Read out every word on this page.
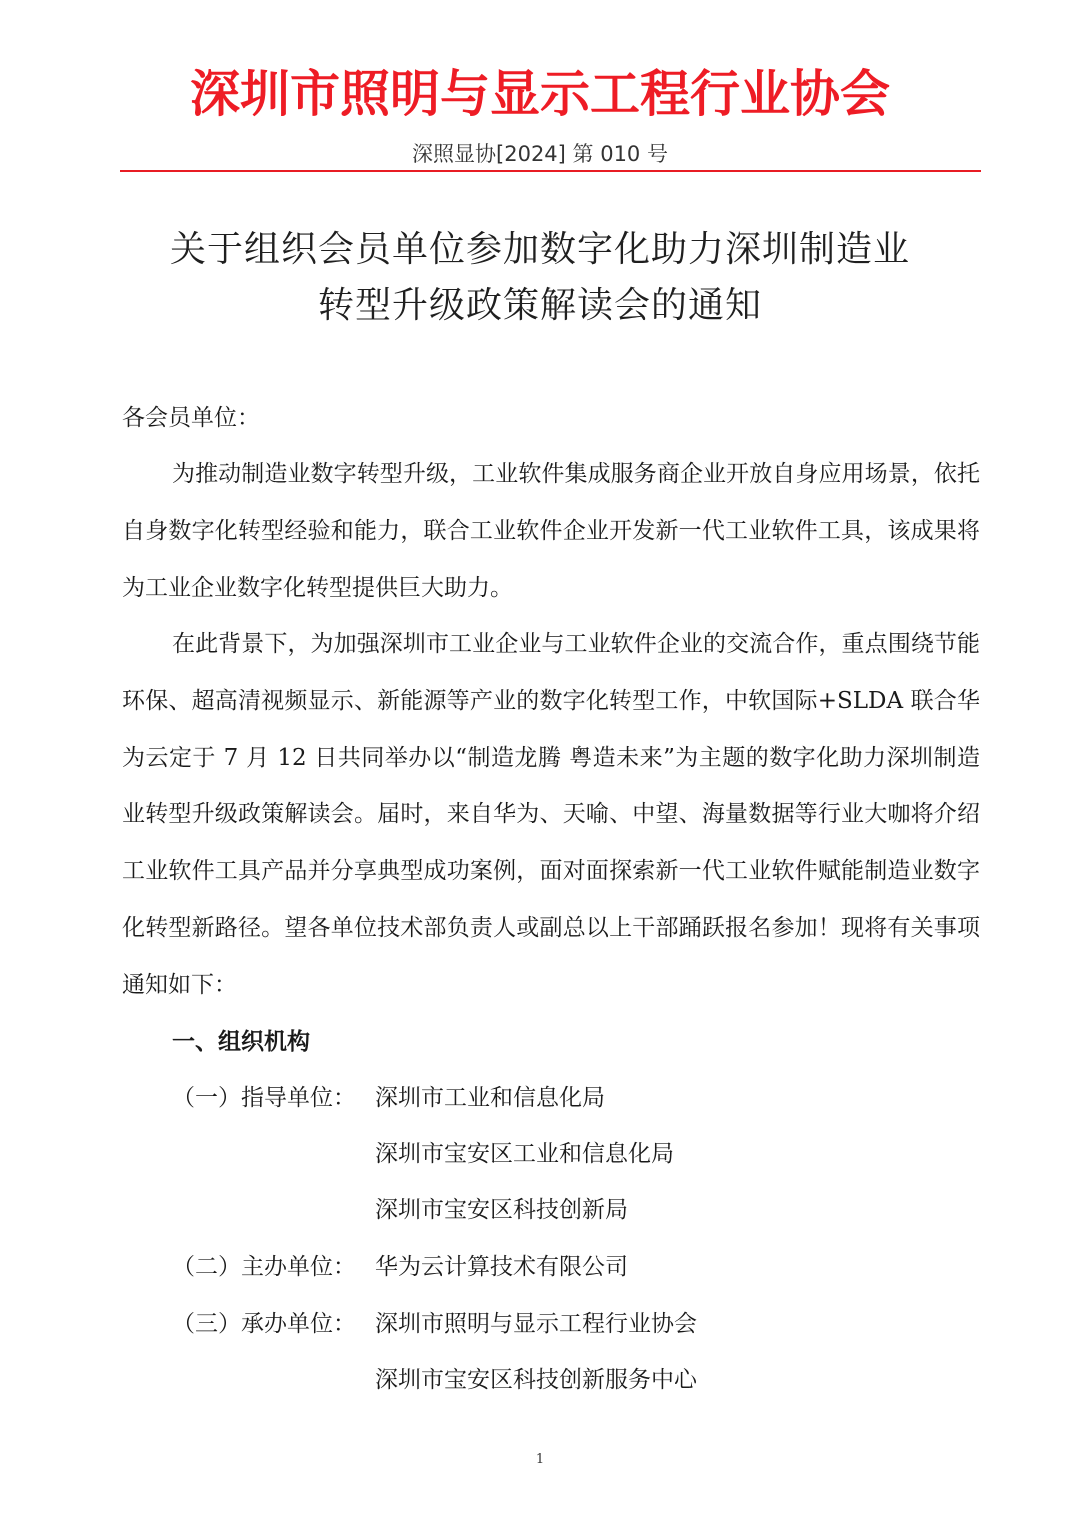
深圳市照明与显示工程行业协会
深照显协[2024] 第 010 号
关于组织会员单位参加数字化助力深圳制造业
转型升级政策解读会的通知
各会员单位：
为推动制造业数字转型升级，工业软件集成服务商企业开放自身应用场景，依托自身数字化转型经验和能力，联合工业软件企业开发新一代工业软件工具，该成果将为工业企业数字化转型提供巨大助力。
在此背景下，为加强深圳市工业企业与工业软件企业的交流合作，重点围绕节能环保、超高清视频显示、新能源等产业的数字化转型工作，中软国际+SLDA 联合华为云定于 7 月 12 日共同举办以“制造龙腾 粤造未来”为主题的数字化助力深圳制造业转型升级政策解读会。届时，来自华为、天喻、中望、海量数据等行业大咖将介绍工业软件工具产品并分享典型成功案例，面对面探索新一代工业软件赋能制造业数字化转型新路径。望各单位技术部负责人或副总以上干部踊跃报名参加！现将有关事项通知如下：
一、组织机构
（一）指导单位： 深圳市工业和信息化局
深圳市宝安区工业和信息化局
深圳市宝安区科技创新局
（二）主办单位： 华为云计算技术有限公司
（三）承办单位： 深圳市照明与显示工程行业协会
深圳市宝安区科技创新服务中心
1
